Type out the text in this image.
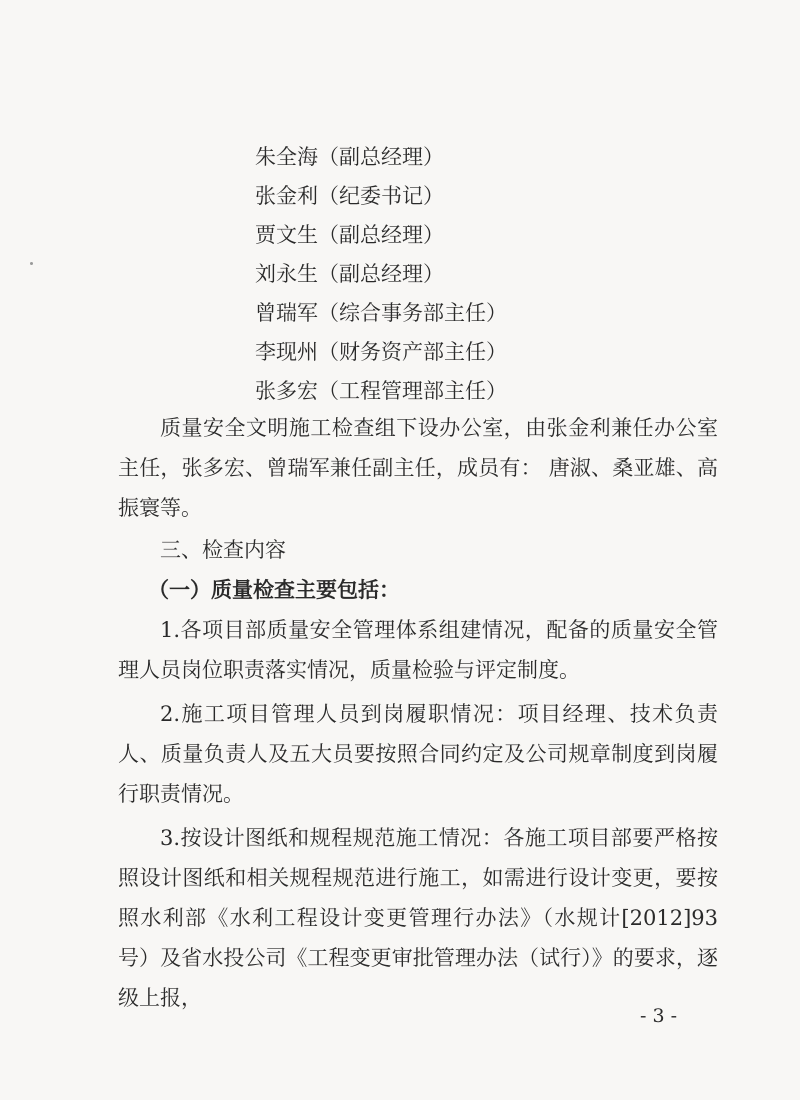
朱全海（副总经理）
张金利（纪委书记）
贾文生（副总经理）
刘永生（副总经理）
曾瑞军（综合事务部主任）
李现州（财务资产部主任）
张多宏（工程管理部主任）

质量安全文明施工检查组下设办公室，由张金利兼任办公室主任，张多宏、曾瑞军兼任副主任，成员有： 唐淑、桑亚雄、高振寰等。

三、检查内容

（一）质量检查主要包括：

1.各项目部质量安全管理体系组建情况，配备的质量安全管理人员岗位职责落实情况，质量检验与评定制度。

2.施工项目管理人员到岗履职情况：项目经理、技术负责人、质量负责人及五大员要按照合同约定及公司规章制度到岗履行职责情况。

3.按设计图纸和规程规范施工情况：各施工项目部要严格按照设计图纸和相关规程规范进行施工，如需进行设计变更，要按照水利部《水利工程设计变更管理行办法》（水规计[2012]93号）及省水投公司《工程变更审批管理办法（试行）》的要求，逐级上报，

- 3 -
